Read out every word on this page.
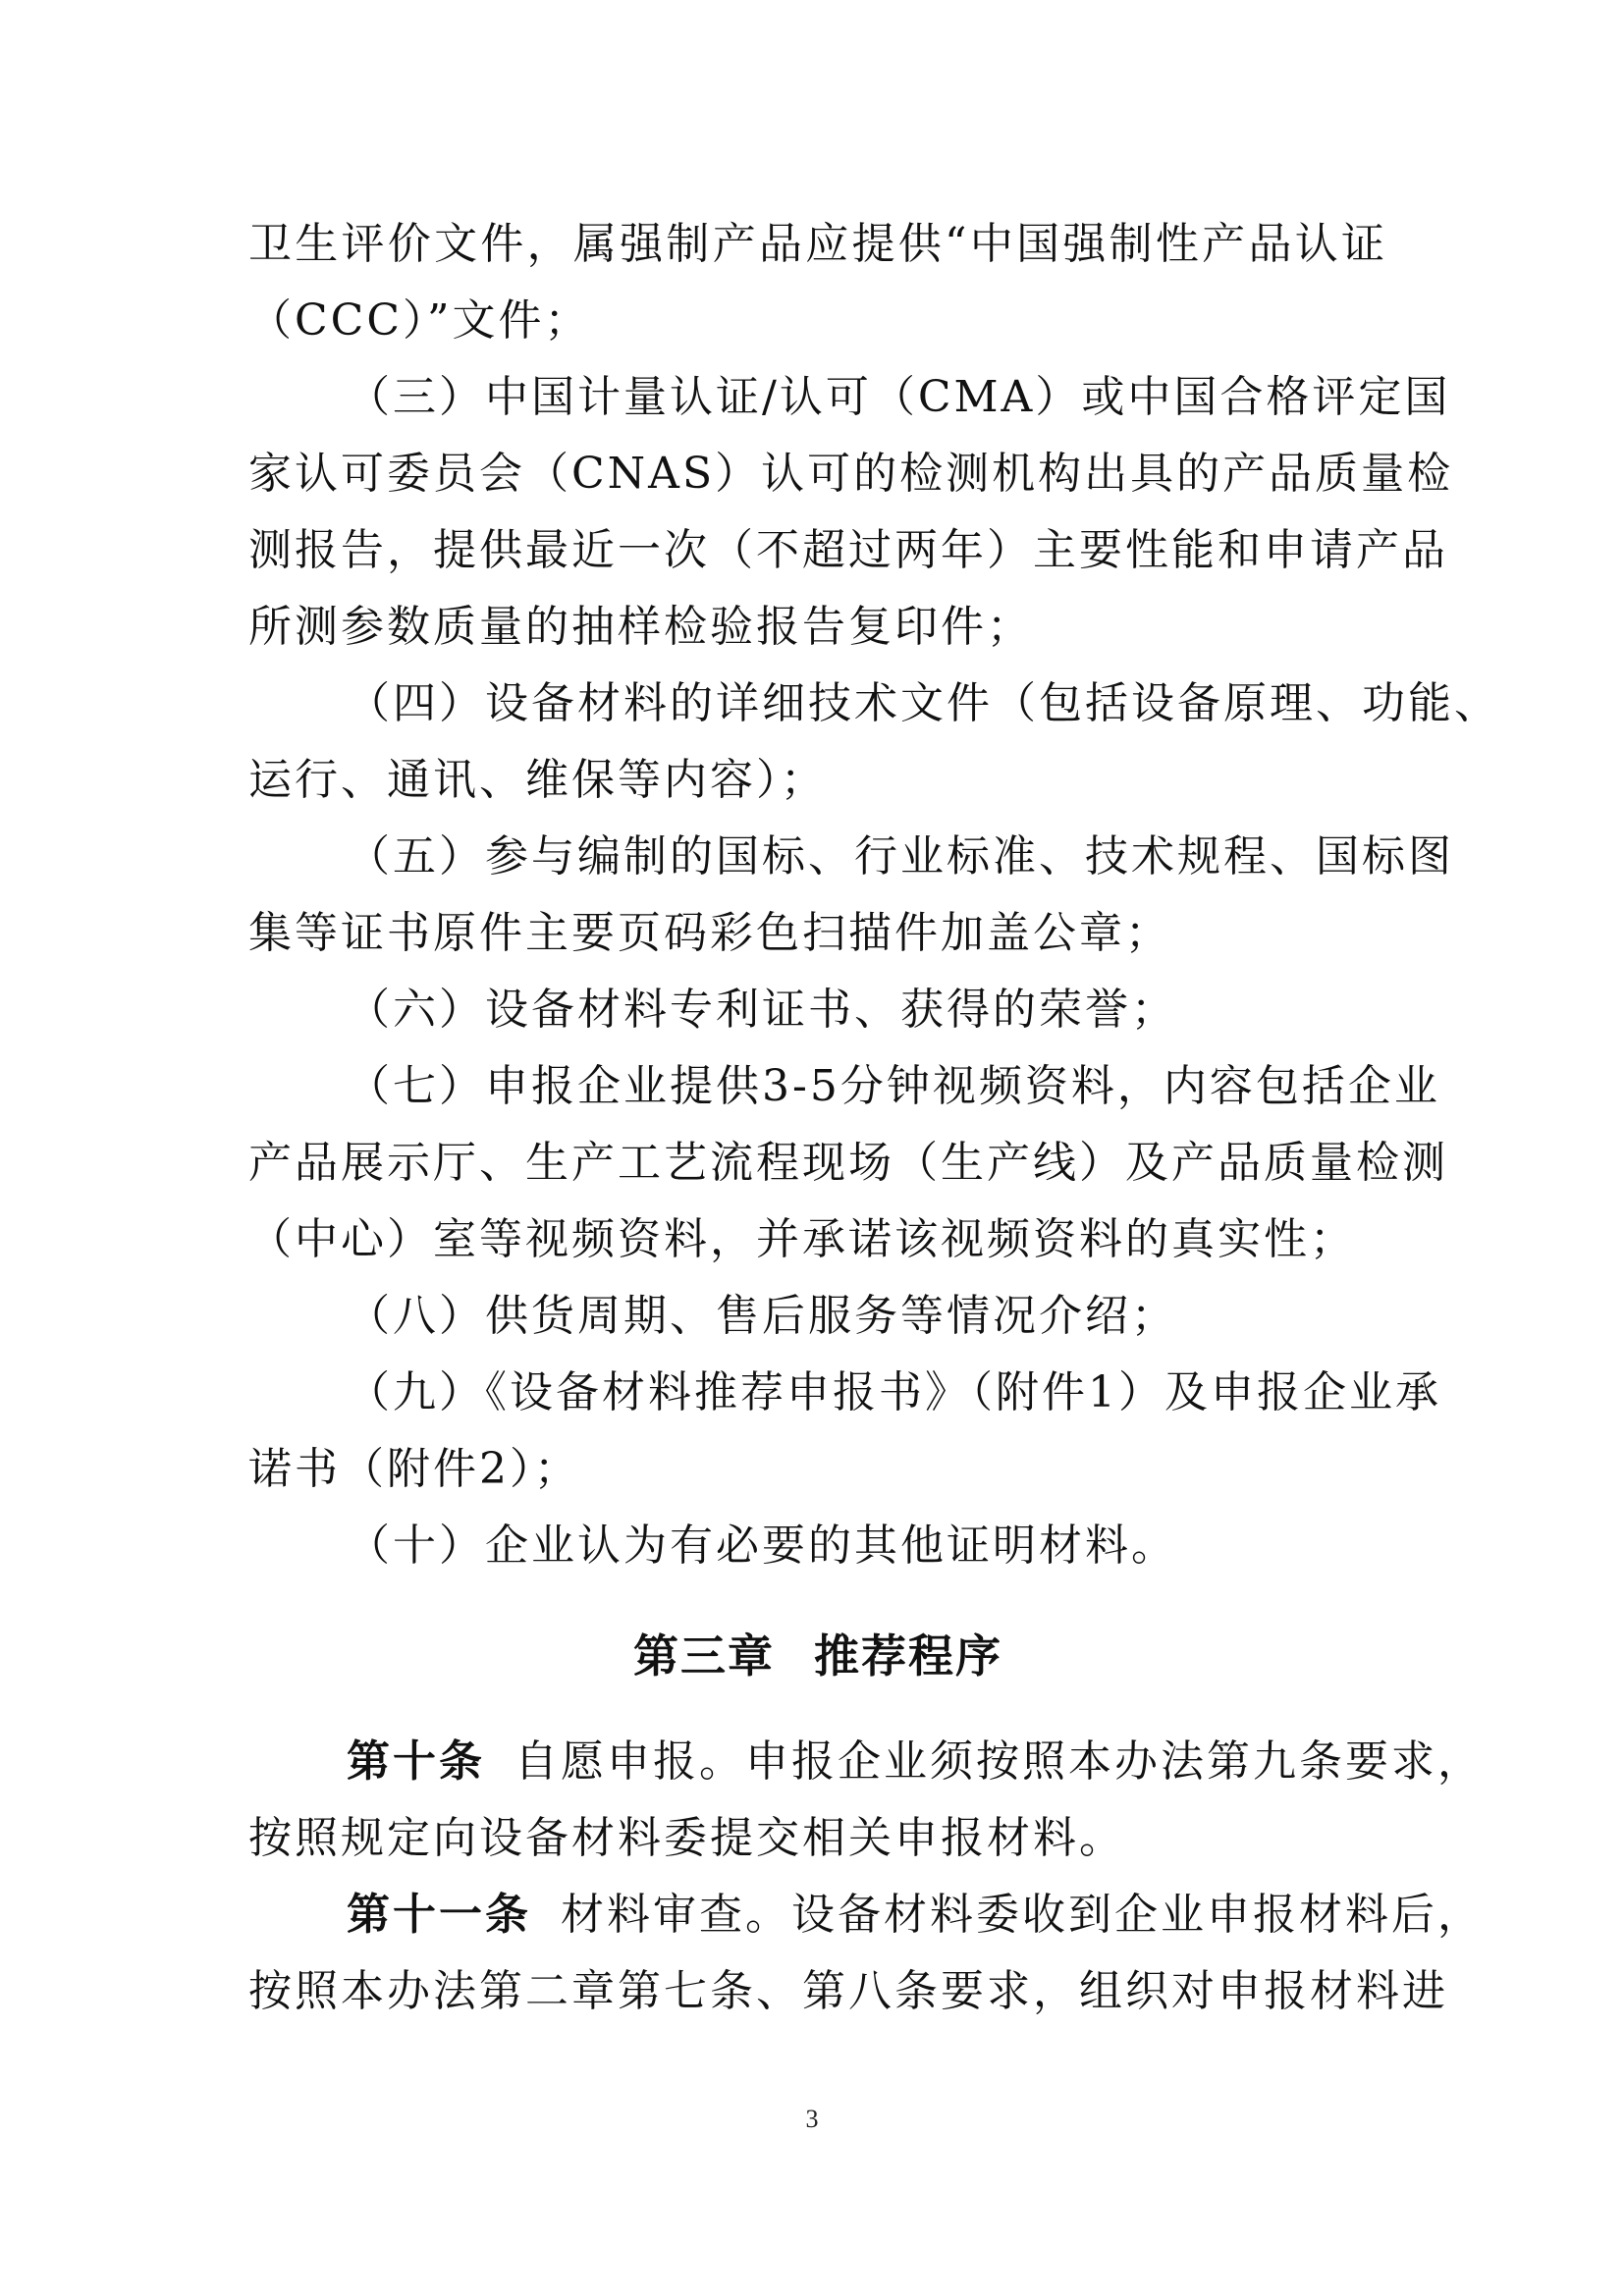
卫生评价文件，属强制产品应提供“中国强制性产品认证
（CCC）”文件；
（三）中国计量认证/认可（CMA）或中国合格评定国
家认可委员会（CNAS）认可的检测机构出具的产品质量检
测报告，提供最近一次（不超过两年）主要性能和申请产品
所测参数质量的抽样检验报告复印件；
（四）设备材料的详细技术文件（包括设备原理、功能、
运行、通讯、维保等内容）；
（五）参与编制的国标、行业标准、技术规程、国标图
集等证书原件主要页码彩色扫描件加盖公章；
（六）设备材料专利证书、获得的荣誉；
（七）申报企业提供3-5分钟视频资料，内容包括企业
产品展示厅、生产工艺流程现场（生产线）及产品质量检测
（中心）室等视频资料，并承诺该视频资料的真实性；
（八）供货周期、售后服务等情况介绍；
（九）《设备材料推荐申报书》（附件1）及申报企业承
诺书（附件2）；
（十）企业认为有必要的其他证明材料。
第三章 推荐程序
第十条 自愿申报。申报企业须按照本办法第九条要求，
按照规定向设备材料委提交相关申报材料。
第十一条 材料审查。设备材料委收到企业申报材料后，
按照本办法第二章第七条、第八条要求，组织对申报材料进
3
